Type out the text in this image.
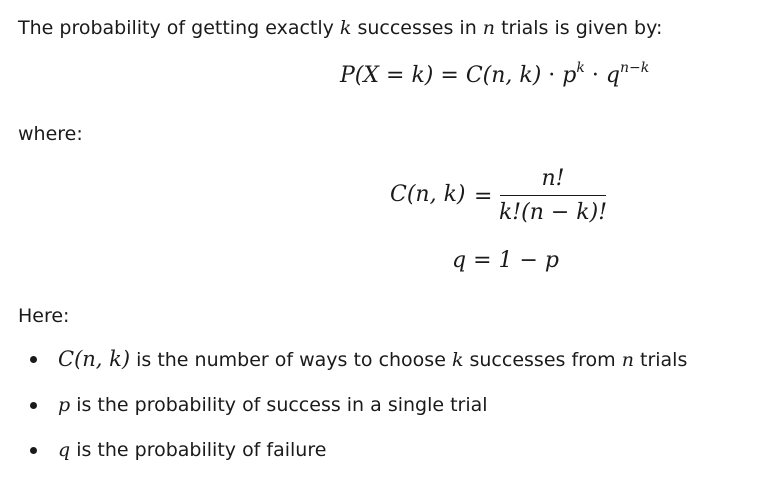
The probability of getting exactly k successes in n trials is given by:
P(X = k) = C(n, $k) \cdot p^k \cdot q^{n-k}$
where:
C(n, k) =
n!
k!(n − k)!
q = 1 − p
Here:
C(n, k) is the number of ways to choose k successes from n trials
p is the probability of success in a single trial
q is the probability of failure
